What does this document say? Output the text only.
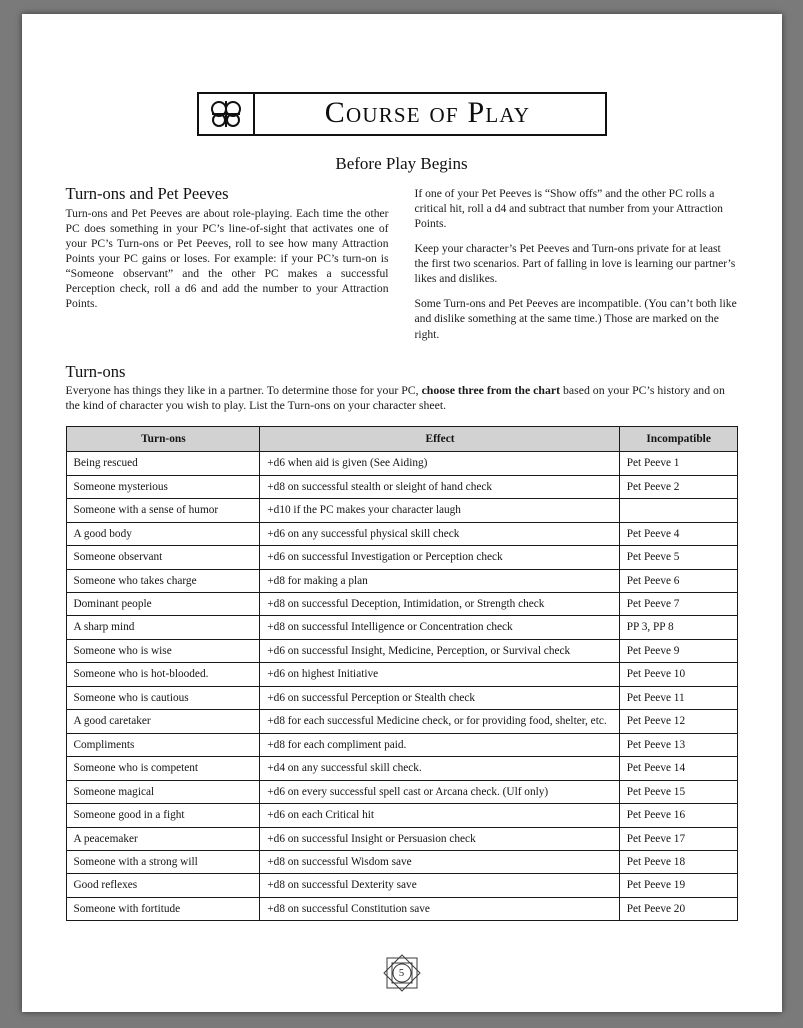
Course of Play
Before Play Begins
Turn-ons and Pet Peeves

Turn-ons and Pet Peeves are about role-playing. Each time the other PC does something in your PC’s line-of-sight that activates one of your PC’s Turn-ons or Pet Peeves, roll to see how many Attraction Points your PC gains or loses. For example: if your PC’s turn-on is “Someone observant” and the other PC makes a successful Perception check, roll a d6 and add the number to your Attraction Points.

If one of your Pet Peeves is “Show offs” and the other PC rolls a critical hit, roll a d4 and subtract that number from your Attraction Points.

Keep your character’s Pet Peeves and Turn-ons private for at least the first two scenarios. Part of falling in love is learning our partner’s likes and dislikes.

Some Turn-ons and Pet Peeves are incompatible. (You can’t both like and dislike something at the same time.) Those are marked on the right.

Turn-ons

Everyone has things they like in a partner. To determine those for your PC, choose three from the chart based on your PC’s history and on the kind of character you wish to play. List the Turn-ons on your character sheet.

Turn-ons	Effect	Incompatible
Being rescued	+d6 when aid is given (See Aiding)	Pet Peeve 1
Someone mysterious	+d8 on successful stealth or sleight of hand check	Pet Peeve 2
Someone with a sense of humor	+d10 if the PC makes your character laugh	
A good body	+d6 on any successful physical skill check	Pet Peeve 4
Someone observant	+d6 on successful Investigation or Perception check	Pet Peeve 5
Someone who takes charge	+d8 for making a plan	Pet Peeve 6
Dominant people	+d8 on successful Deception, Intimidation, or Strength check	Pet Peeve 7
A sharp mind	+d8 on successful Intelligence or Concentration check	PP 3, PP 8
Someone who is wise	+d6 on successful Insight, Medicine, Perception, or Survival check	Pet Peeve 9
Someone who is hot-blooded.	+d6 on highest Initiative	Pet Peeve 10
Someone who is cautious	+d6 on successful Perception or Stealth check	Pet Peeve 11
A good caretaker	+d8 for each successful Medicine check, or for providing food, shelter, etc.	Pet Peeve 12
Compliments	+d8 for each compliment paid.	Pet Peeve 13
Someone who is competent	+d4 on any successful skill check.	Pet Peeve 14
Someone magical	+d6 on every successful spell cast or Arcana check. (Ulf only)	Pet Peeve 15
Someone good in a fight	+d6 on each Critical hit	Pet Peeve 16
A peacemaker	+d6 on successful Insight or Persuasion check	Pet Peeve 17
Someone with a strong will	+d8 on successful Wisdom save	Pet Peeve 18
Good reflexes	+d8 on successful Dexterity save	Pet Peeve 19
Someone with fortitude	+d8 on successful Constitution save	Pet Peeve 20
5
